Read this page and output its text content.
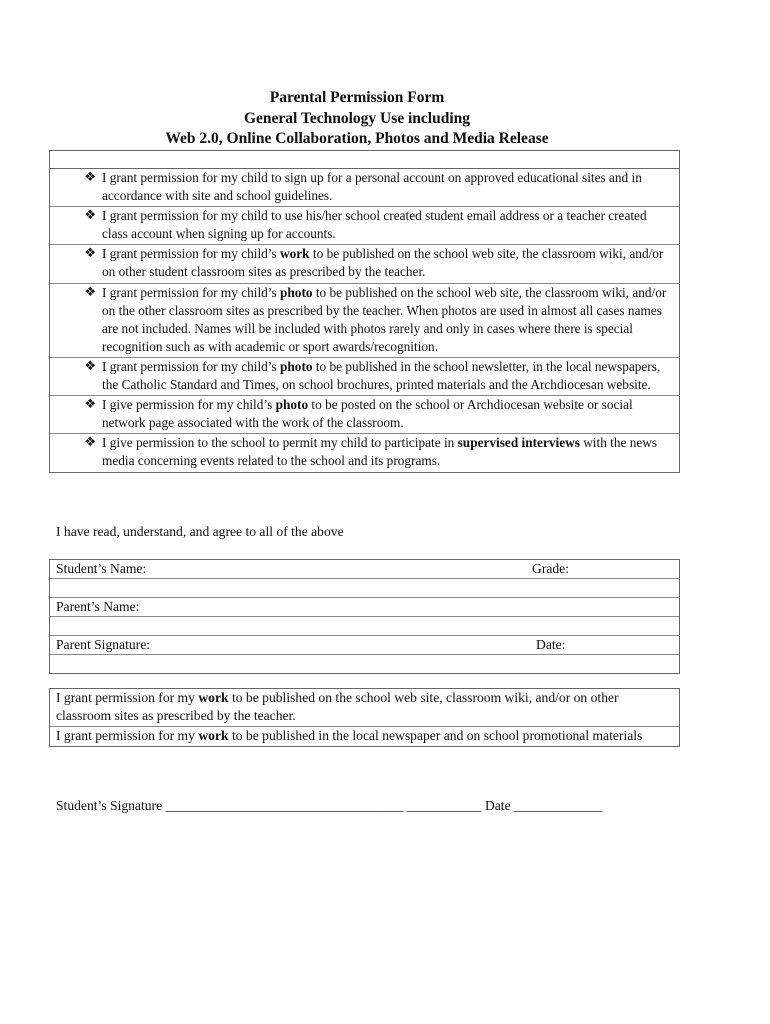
Parental Permission Form
General Technology Use including
Web 2.0, Online Collaboration, Photos and Media Release
❖ I grant permission for my child to sign up for a personal account on approved educational sites and in accordance with site and school guidelines.
❖ I grant permission for my child to use his/her school created student email address or a teacher created class account when signing up for accounts.
❖ I grant permission for my child’s work to be published on the school web site, the classroom wiki, and/or on other student classroom sites as prescribed by the teacher.
❖ I grant permission for my child’s photo to be published on the school web site, the classroom wiki, and/or on the other classroom sites as prescribed by the teacher. When photos are used in almost all cases names are not included. Names will be included with photos rarely and only in cases where there is special recognition such as with academic or sport awards/recognition.
❖ I grant permission for my child’s photo to be published in the school newsletter, in the local newspapers, the Catholic Standard and Times, on school brochures, printed materials and the Archdiocesan website.
❖ I give permission for my child’s photo to be posted on the school or Archdiocesan website or social network page associated with the work of the classroom.
❖ I give permission to the school to permit my child to participate in supervised interviews with the news media concerning events related to the school and its programs.
I have read, understand, and agree to all of the above
Student’s Name:	Grade:
Parent’s Name:
Parent Signature:	Date:
I grant permission for my work to be published on the school web site, classroom wiki, and/or on other classroom sites as prescribed by the teacher.
I grant permission for my work to be published in the local newspaper and on school promotional materials
Student’s Signature ___________________________________ ___________ Date _____________
